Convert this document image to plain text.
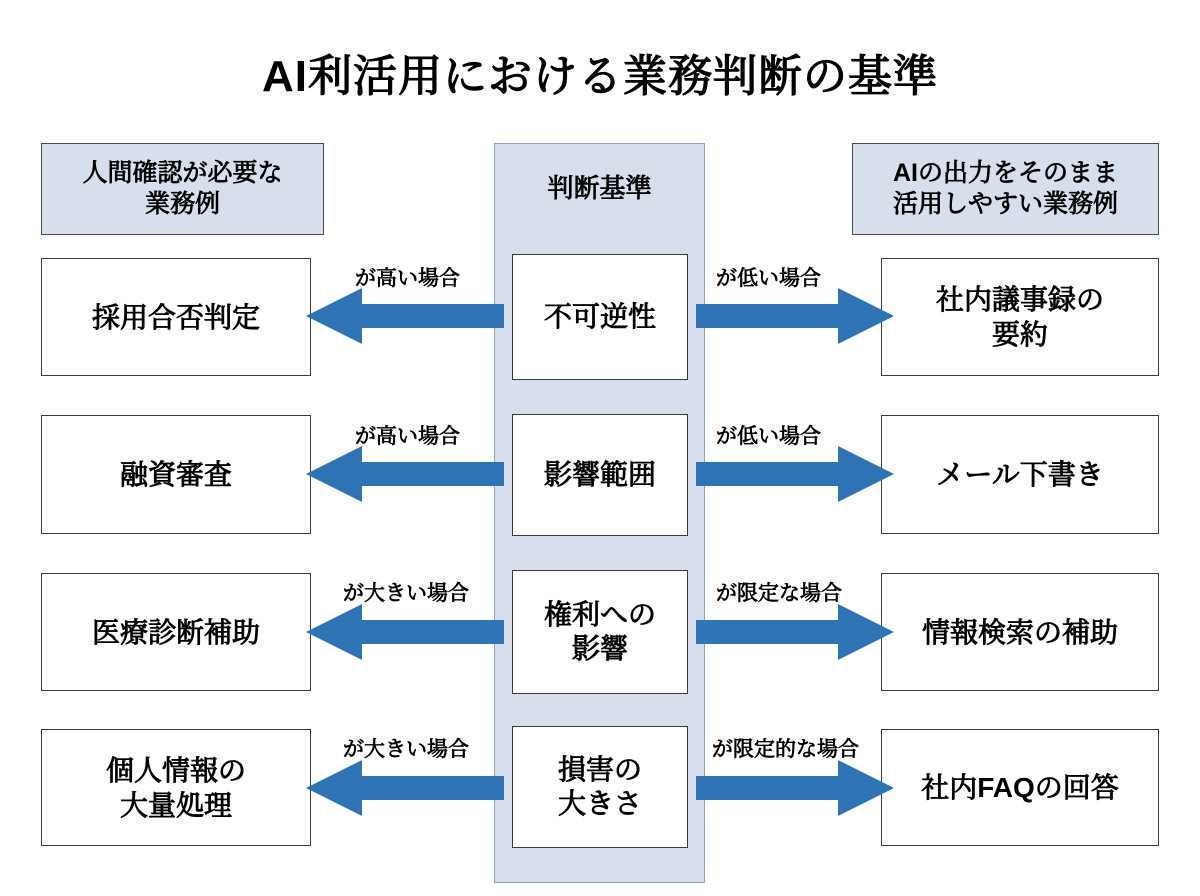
AI利活用における業務判断の基準
人間確認が必要な
業務例
AIの出力をそのまま
活用しやすい業務例
判断基準
不可逆性
採用合否判定
社内議事録の
要約
が高い場合	が低い場合
影響範囲
融資審査	メール下書き
が高い場合	が低い場合
権利への
影響
医療診断補助	情報検索の補助
が大きい場合	が限定な場合
損害の
大きさ
個人情報の
大量処理
社内FAQの回答
が大きい場合	が限定的な場合
